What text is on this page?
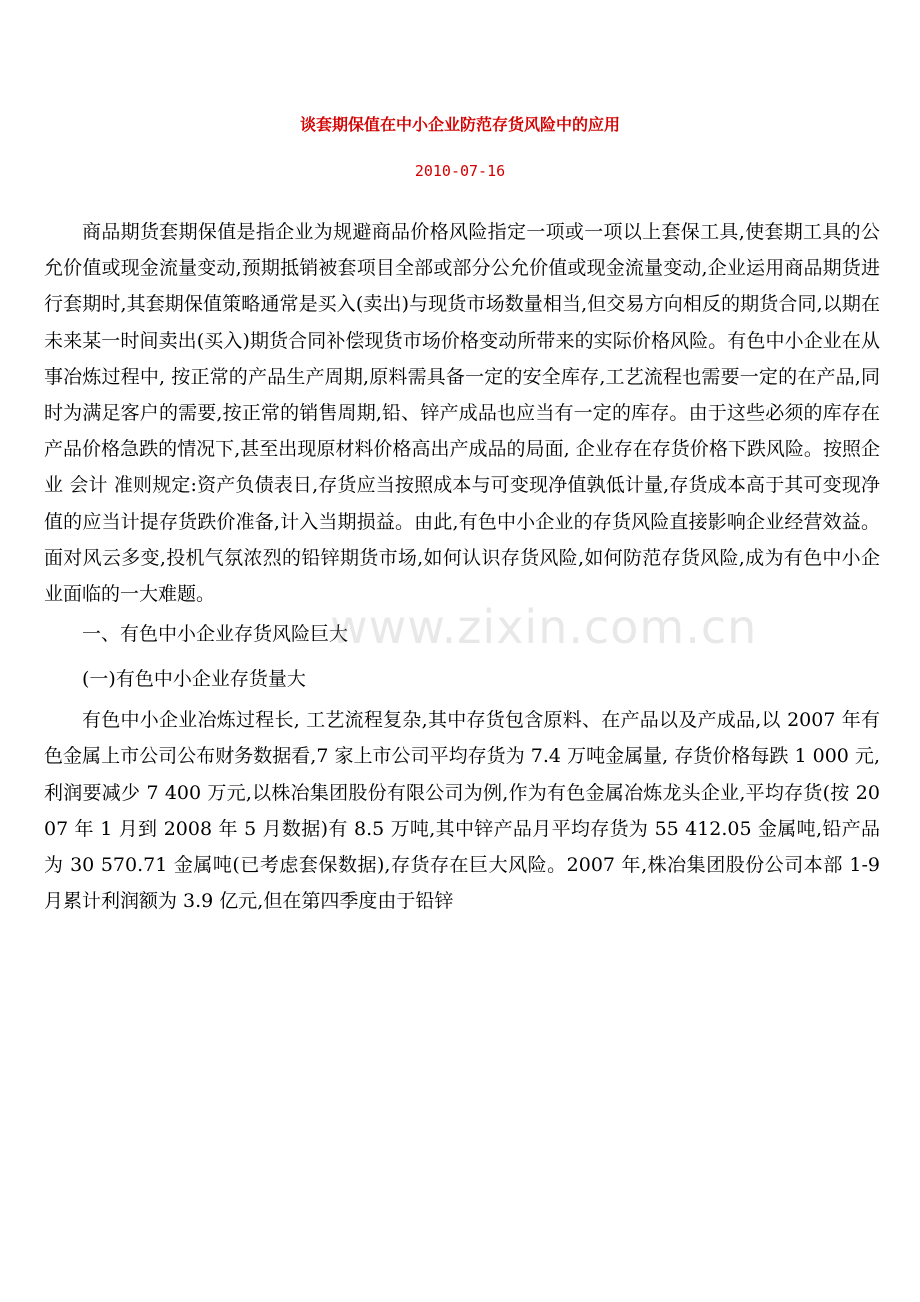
谈套期保值在中小企业防范存货风险中的应用
2010-07-16

商品期货套期保值是指企业为规避商品价格风险指定一项或一项以上套保工具,使套期工具的公允价值或现金流量变动,预期抵销被套项目全部或部分公允价值或现金流量变动,企业运用商品期货进行套期时,其套期保值策略通常是买入(卖出)与现货市场数量相当,但交易方向相反的期货合同,以期在未来某一时间卖出(买入)期货合同补偿现货市场价格变动所带来的实际价格风险。有色中小企业在从事冶炼过程中, 按正常的产品生产周期,原料需具备一定的安全库存,工艺流程也需要一定的在产品,同时为满足客户的需要,按正常的销售周期,铅、锌产成品也应当有一定的库存。由于这些必须的库存在产品价格急跌的情况下,甚至出现原材料价格高出产成品的局面, 企业存在存货价格下跌风险。按照企业 会计 准则规定:资产负债表日,存货应当按照成本与可变现净值孰低计量,存货成本高于其可变现净值的应当计提存货跌价准备,计入当期损益。由此,有色中小企业的存货风险直接影响企业经营效益。面对风云多变,投机气氛浓烈的铅锌期货市场,如何认识存货风险,如何防范存货风险,成为有色中小企业面临的一大难题。

一、有色中小企业存货风险巨大

(一)有色中小企业存货量大

有色中小企业冶炼过程长, 工艺流程复杂,其中存货包含原料、在产品以及产成品,以 2007 年有色金属上市公司公布财务数据看,7 家上市公司平均存货为 7.4 万吨金属量, 存货价格每跌 1 000 元,利润要减少 7 400 万元,以株冶集团股份有限公司为例,作为有色金属冶炼龙头企业,平均存货(按 2007 年 1 月到 2008 年 5 月数据)有 8.5 万吨,其中锌产品月平均存货为 55 412.05 金属吨,铅产品为 30 570.71 金属吨(已考虑套保数据),存货存在巨大风险。2007 年,株冶集团股份公司本部 1-9 月累计利润额为 3.9 亿元,但在第四季度由于铅锌

www.zixin.com.cn
